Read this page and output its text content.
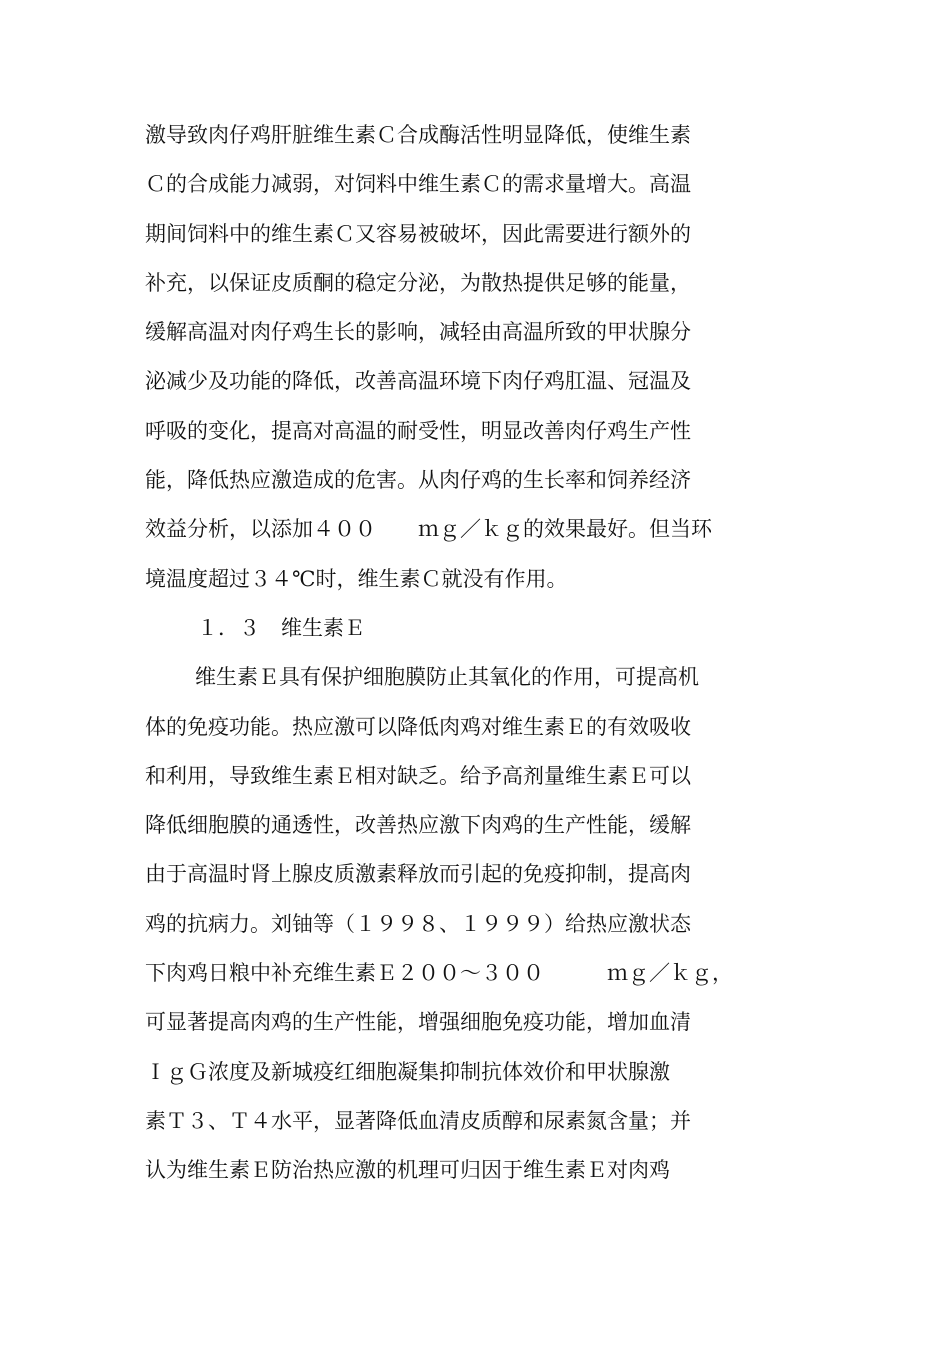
激导致肉仔鸡肝脏维生素Ｃ合成酶活性明显降低，使维生素

Ｃ的合成能力减弱，对饲料中维生素Ｃ的需求量增大。高温

期间饲料中的维生素Ｃ又容易被破坏，因此需要进行额外的

补充，以保证皮质酮的稳定分泌，为散热提供足够的能量，

缓解高温对肉仔鸡生长的影响，减轻由高温所致的甲状腺分

泌减少及功能的降低，改善高温环境下肉仔鸡肛温、冠温及

呼吸的变化，提高对高温的耐受性，明显改善肉仔鸡生产性

能，降低热应激造成的危害。从肉仔鸡的生长率和饲养经济

效益分析，以添加４００　　ｍｇ／ｋｇ的效果最好。但当环

境温度超过３４℃时，维生素Ｃ就没有作用。

１．３　维生素Ｅ

维生素Ｅ具有保护细胞膜防止其氧化的作用，可提高机

体的免疫功能。热应激可以降低肉鸡对维生素Ｅ的有效吸收

和利用，导致维生素Ｅ相对缺乏。给予高剂量维生素Ｅ可以

降低细胞膜的通透性，改善热应激下肉鸡的生产性能，缓解

由于高温时肾上腺皮质激素释放而引起的免疫抑制，提高肉

鸡的抗病力。刘铀等（１９９８、１９９９）给热应激状态

下肉鸡日粮中补充维生素Ｅ２００～３００　　　ｍｇ／ｋｇ，

可显著提高肉鸡的生产性能，增强细胞免疫功能，增加血清

ＩｇＧ浓度及新城疫红细胞凝集抑制抗体效价和甲状腺激

素Ｔ３、Ｔ４水平，显著降低血清皮质醇和尿素氮含量；并

认为维生素Ｅ防治热应激的机理可归因于维生素Ｅ对肉鸡
